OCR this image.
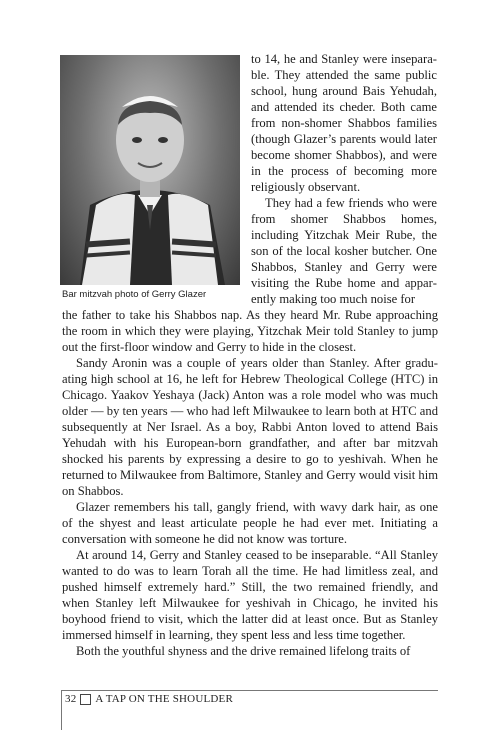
Bar mitzvah photo of Gerry Glazer

to 14, he and Stanley were inseparable. They attended the same public school, hung around Bais Yehudah, and attended its cheder. Both came from non-shomer Shabbos families (though Glazer’s parents would later become shomer Shabbos), and were in the process of becoming more religiously observant.

They had a few friends who were from shomer Shabbos homes, including Yitzchak Meir Rube, the son of the local kosher butcher. One Shabbos, Stanley and Gerry were visiting the Rube home and apparently making too much noise for

the father to take his Shabbos nap. As they heard Mr. Rube approaching the room in which they were playing, Yitzchak Meir told Stanley to jump out the first-floor window and Gerry to hide in the closest.

Sandy Aronin was a couple of years older than Stanley. After graduating high school at 16, he left for Hebrew Theological College (HTC) in Chicago. Yaakov Yeshaya (Jack) Anton was a role model who was much older — by ten years — who had left Milwaukee to learn both at HTC and subsequently at Ner Israel. As a boy, Rabbi Anton loved to attend Bais Yehudah with his European-born grandfather, and after bar mitzvah shocked his parents by expressing a desire to go to yeshivah. When he returned to Milwaukee from Baltimore, Stanley and Gerry would visit him on Shabbos.

Glazer remembers his tall, gangly friend, with wavy dark hair, as one of the shyest and least articulate people he had ever met. Initiating a conversation with someone he did not know was torture.

At around 14, Gerry and Stanley ceased to be inseparable. “All Stanley wanted to do was to learn Torah all the time. He had limitless zeal, and pushed himself extremely hard.” Still, the two remained friendly, and when Stanley left Milwaukee for yeshivah in Chicago, he invited his boyhood friend to visit, which the latter did at least once. But as Stanley immersed himself in learning, they spent less and less time together.

Both the youthful shyness and the drive remained lifelong traits of

32 A TAP ON THE SHOULDER
